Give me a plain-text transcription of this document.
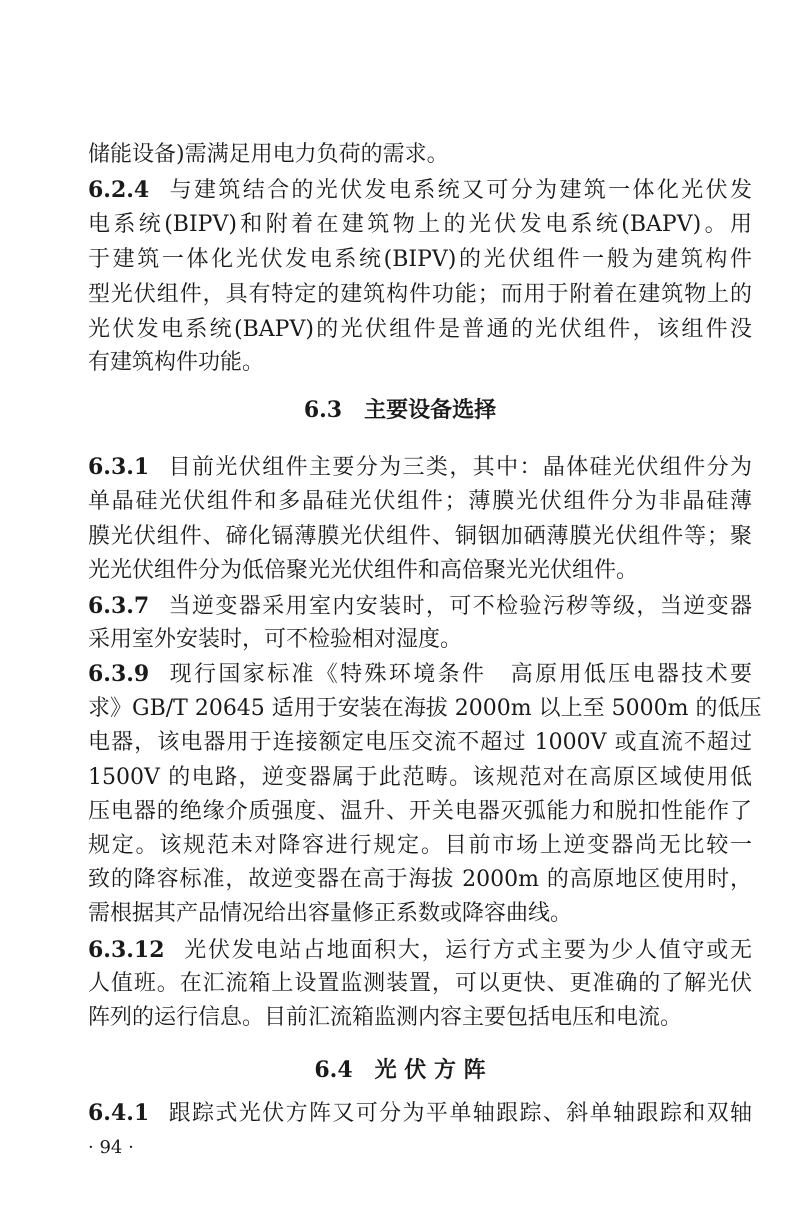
储能设备)需满足用电力负荷的需求。
6.2.4 与建筑结合的光伏发电系统又可分为建筑一体化光伏发
电系统(BIPV)和附着在建筑物上的光伏发电系统(BAPV)。用
于建筑一体化光伏发电系统(BIPV)的光伏组件一般为建筑构件
型光伏组件，具有特定的建筑构件功能；而用于附着在建筑物上的
光伏发电系统(BAPV)的光伏组件是普通的光伏组件，该组件没
有建筑构件功能。
6.3.1 目前光伏组件主要分为三类，其中：晶体硅光伏组件分为
单晶硅光伏组件和多晶硅光伏组件；薄膜光伏组件分为非晶硅薄
膜光伏组件、碲化镉薄膜光伏组件、铜铟加硒薄膜光伏组件等；聚
光光伏组件分为低倍聚光光伏组件和高倍聚光光伏组件。
6.3.7 当逆变器采用室内安装时，可不检验污秽等级，当逆变器
采用室外安装时，可不检验相对湿度。
6.3.9 现行国家标准《特殊环境条件　高原用低压电器技术要
求》GB/T 20645 适用于安装在海拔 2000m 以上至 5000m 的低压
电器，该电器用于连接额定电压交流不超过 1000V 或直流不超过
1500V 的电路，逆变器属于此范畴。该规范对在高原区域使用低
压电器的绝缘介质强度、温升、开关电器灭弧能力和脱扣性能作了
规定。该规范未对降容进行规定。目前市场上逆变器尚无比较一
致的降容标准，故逆变器在高于海拔 2000m 的高原地区使用时，
需根据其产品情况给出容量修正系数或降容曲线。
6.3.12 光伏发电站占地面积大，运行方式主要为少人值守或无
人值班。在汇流箱上设置监测装置，可以更快、更准确的了解光伏
阵列的运行信息。目前汇流箱监测内容主要包括电压和电流。
6.4.1 跟踪式光伏方阵又可分为平单轴跟踪、斜单轴跟踪和双轴
6.3 主要设备选择
6.4 光 伏 方 阵
· 94 ·
